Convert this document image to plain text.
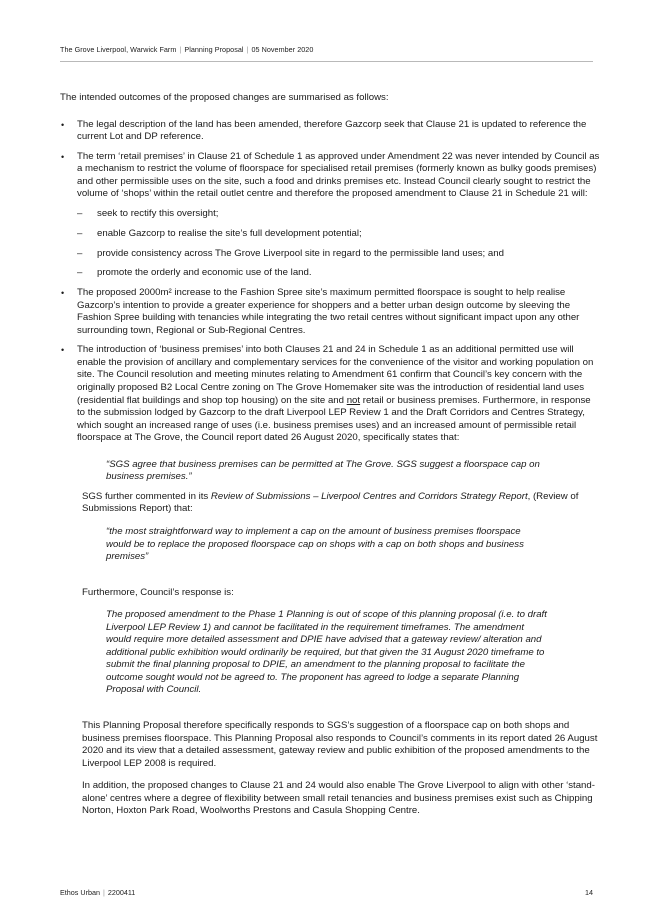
The Grove Liverpool, Warwick Farm | Planning Proposal | 05 November 2020

The intended outcomes of the proposed changes are summarised as follows:

• The legal description of the land has been amended, therefore Gazcorp seek that Clause 21 is updated to reference the current Lot and DP reference.

• The term ‘retail premises’ in Clause 21 of Schedule 1 as approved under Amendment 22 was never intended by Council as a mechanism to restrict the volume of floorspace for specialised retail premises (formerly known as bulky goods premises) and other permissible uses on the site, such a food and drinks premises etc. Instead Council clearly sought to restrict the volume of ‘shops’ within the retail outlet centre and therefore the proposed amendment to Clause 21 in Schedule 21 will:

– seek to rectify this oversight;
– enable Gazcorp to realise the site’s full development potential;
– provide consistency across The Grove Liverpool site in regard to the permissible land uses; and
– promote the orderly and economic use of the land.
• The proposed 2000m² increase to the Fashion Spree site’s maximum permitted floorspace is sought to help realise Gazcorp’s intention to provide a greater experience for shoppers and a better urban design outcome by sleeving the Fashion Spree building with tenancies while integrating the two retail centres without significant impact upon any other surrounding town, Regional or Sub-Regional Centres.

• The introduction of ‘business premises’ into both Clauses 21 and 24 in Schedule 1 as an additional permitted use will enable the provision of ancillary and complementary services for the convenience of the visitor and working population on site. The Council resolution and meeting minutes relating to Amendment 61 confirm that Council’s key concern with the originally proposed B2 Local Centre zoning on The Grove Homemaker site was the introduction of residential land uses (residential flat buildings and shop top housing) on the site and not retail or business premises. Furthermore, in response to the submission lodged by Gazcorp to the draft Liverpool LEP Review 1 and the Draft Corridors and Centres Strategy, which sought an increased range of uses (i.e. business premises uses) and an increased amount of permissible retail floorspace at The Grove, the Council report dated 26 August 2020, specifically states that:

“SGS agree that business premises can be permitted at The Grove. SGS suggest a floorspace cap on business premises.”

SGS further commented in its Review of Submissions – Liverpool Centres and Corridors Strategy Report, (Review of Submissions Report) that:

“the most straightforward way to implement a cap on the amount of business premises floorspace would be to replace the proposed floorspace cap on shops with a cap on both shops and business premises”

Furthermore, Council’s response is:

The proposed amendment to the Phase 1 Planning is out of scope of this planning proposal (i.e. to draft Liverpool LEP Review 1) and cannot be facilitated in the requirement timeframes. The amendment would require more detailed assessment and DPIE have advised that a gateway review/ alteration and additional public exhibition would ordinarily be required, but that given the 31 August 2020 timeframe to submit the final planning proposal to DPIE, an amendment to the planning proposal to facilitate the outcome sought would not be agreed to. The proponent has agreed to lodge a separate Planning Proposal with Council.

This Planning Proposal therefore specifically responds to SGS’s suggestion of a floorspace cap on both shops and business premises floorspace. This Planning Proposal also responds to Council’s comments in its report dated 26 August 2020 and its view that a detailed assessment, gateway review and public exhibition of the proposed amendments to the Liverpool LEP 2008 is required.

In addition, the proposed changes to Clause 21 and 24 would also enable The Grove Liverpool to align with other ‘stand-alone’ centres where a degree of flexibility between small retail tenancies and business premises exist such as Chipping Norton, Hoxton Park Road, Woolworths Prestons and Casula Shopping Centre.

Ethos Urban | 2200411	14
